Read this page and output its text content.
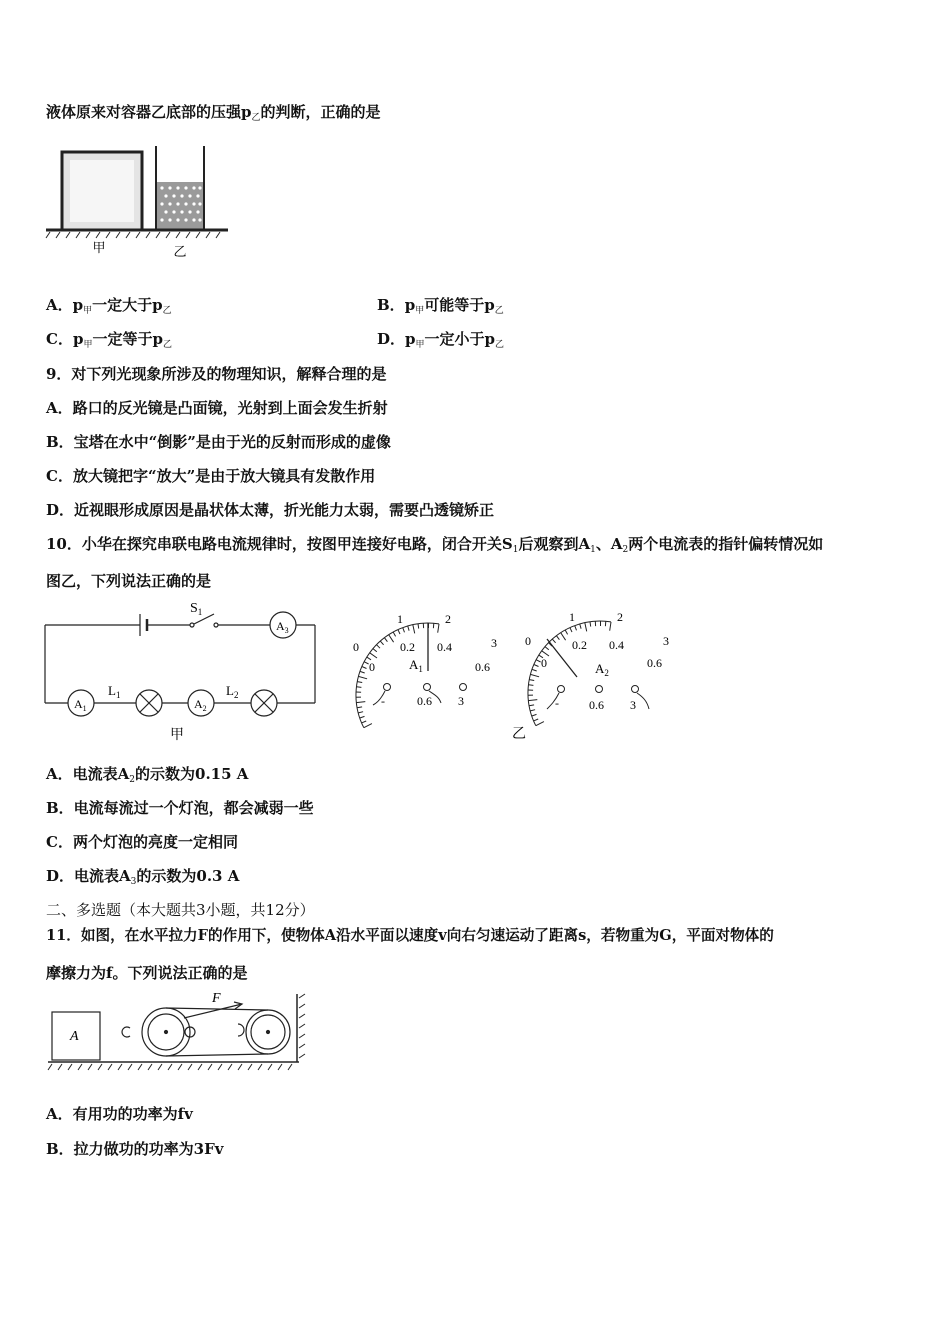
液体原来对容器乙底部的压强$p_乙$的判断，正确的是
甲	乙
A．$p_甲$一定大于$p_乙$	B．$p_甲$可能等于$p_乙$
C．$p_甲$一定等于$p_乙$	D．$p_甲$一定小于$p_乙$
9．对下列光现象所涉及的物理知识，解释合理的是
A．路口的反光镜是凸面镜，光射到上面会发生折射
B．宝塔在水中“倒影”是由于光的反射而形成的虚像
C．放大镜把字“放大”是由于放大镜具有发散作用
D．近视眼形成原因是晶状体太薄，折光能力太弱，需要凸透镜矫正
10．小华在探究串联电路电流规律时，按图甲连接好电路，闭合开关$S_1$后观察到$A_1$、$A_2$两个电流表的指针偏转情况如
图乙，下列说法正确的是
$S_1$
$A_3$
$A_1$	$A_2$
$L_1$	$L_2$
甲
0
1	2
3
0
0.2 0.4
0.6
$A_1$
-	0.6 3
0
1	2
3
0
0.2 0.4
0.6
$A_2$
-	0.6 3
乙
A．电流表$A_2$的示数为0.15 A
B．电流每流过一个灯泡，都会减弱一些
C．两个灯泡的亮度一定相同
D．电流表$A_3$的示数为0.3 A
二、多选题（本大题共3小题，共12分）
11．如图，在水平拉力F的作用下，使物体A沿水平面以速度v向右匀速运动了距离s，若物重为G，平面对物体的
摩擦力为f。下列说法正确的是
A
F
A．有用功的功率为fv
B．拉力做功的功率为3Fv
